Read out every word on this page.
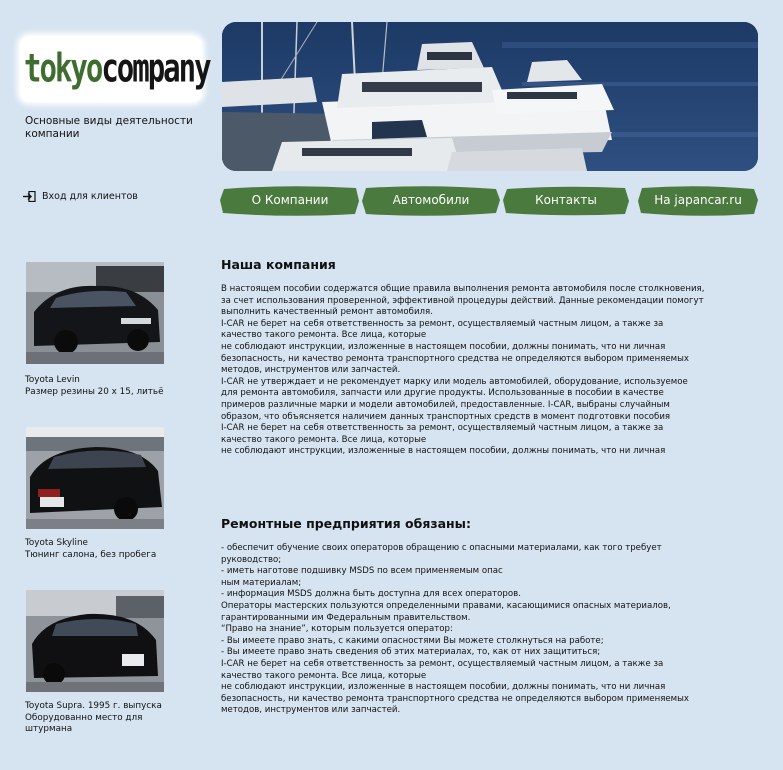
tokyocompany
Основные виды деятельности компании
Вход для клиентов	О Компании	Автомобили	Контакты	На japancar.ru
Toyota Levin
Размер резины 20 х 15, литьё
Toyota Skyline
Тюнинг салона, без пробега
Toyota Supra. 1995 г. выпуска
Оборудованно место для штурмана
Наша компания

В настоящем пособии содержатся общие правила выполнения ремонта автомобиля после столкновения,
за счет использования проверенной, эффективной процедуры действий. Данные рекомендации помогут
выполнить качественный ремонт автомобиля.
I-CAR не берет на себя ответственность за ремонт, осуществляемый частным лицом, а также за
качество такого ремонта. Все лица, которые
не соблюдают инструкции, изложенные в настоящем пособии, должны понимать, что ни личная
безопасность, ни качество ремонта транспортного средства не определяются выбором применяемых
методов, инструментов или запчастей.
I-CAR не утверждает и не рекомендует марку или модель автомобилей, оборудование, используемое
для ремонта автомобиля, запчасти или другие продукты. Использованные в пособии в качестве
примеров различные марки и модели автомобилей, предоставленные. I-CAR, выбраны случайным
образом, что объясняется наличием данных транспортных средств в момент подготовки пособия
I-CAR не берет на себя ответственность за ремонт, осуществляемый частным лицом, а также за
качество такого ремонта. Все лица, которые
не соблюдают инструкции, изложенные в настоящем пособии, должны понимать, что ни личная

Ремонтные предприятия обязаны:

- обеспечит обучение своих операторов обращению с опасными материалами, как того требует
руководство;
- иметь наготове подшивку MSDS по всем применяемым опас
ным материалам;
- информация MSDS должна быть доступна для всех операторов.
Операторы мастерских пользуются определенными правами, касающимися опасных материалов,
гарантированными им Федеральным правительством.
“Право на знание”, которым пользуется оператор:
- Вы имеете право знать, с какими опасностями Вы можете столкнуться на работе;
- Вы имеете право знать сведения об этих материалах, то, как от них защититься;
I-CAR не берет на себя ответственность за ремонт, осуществляемый частным лицом, а также за
качество такого ремонта. Все лица, которые
не соблюдают инструкции, изложенные в настоящем пособии, должны понимать, что ни личная
безопасность, ни качество ремонта транспортного средства не определяются выбором применяемых
методов, инструментов или запчастей.
